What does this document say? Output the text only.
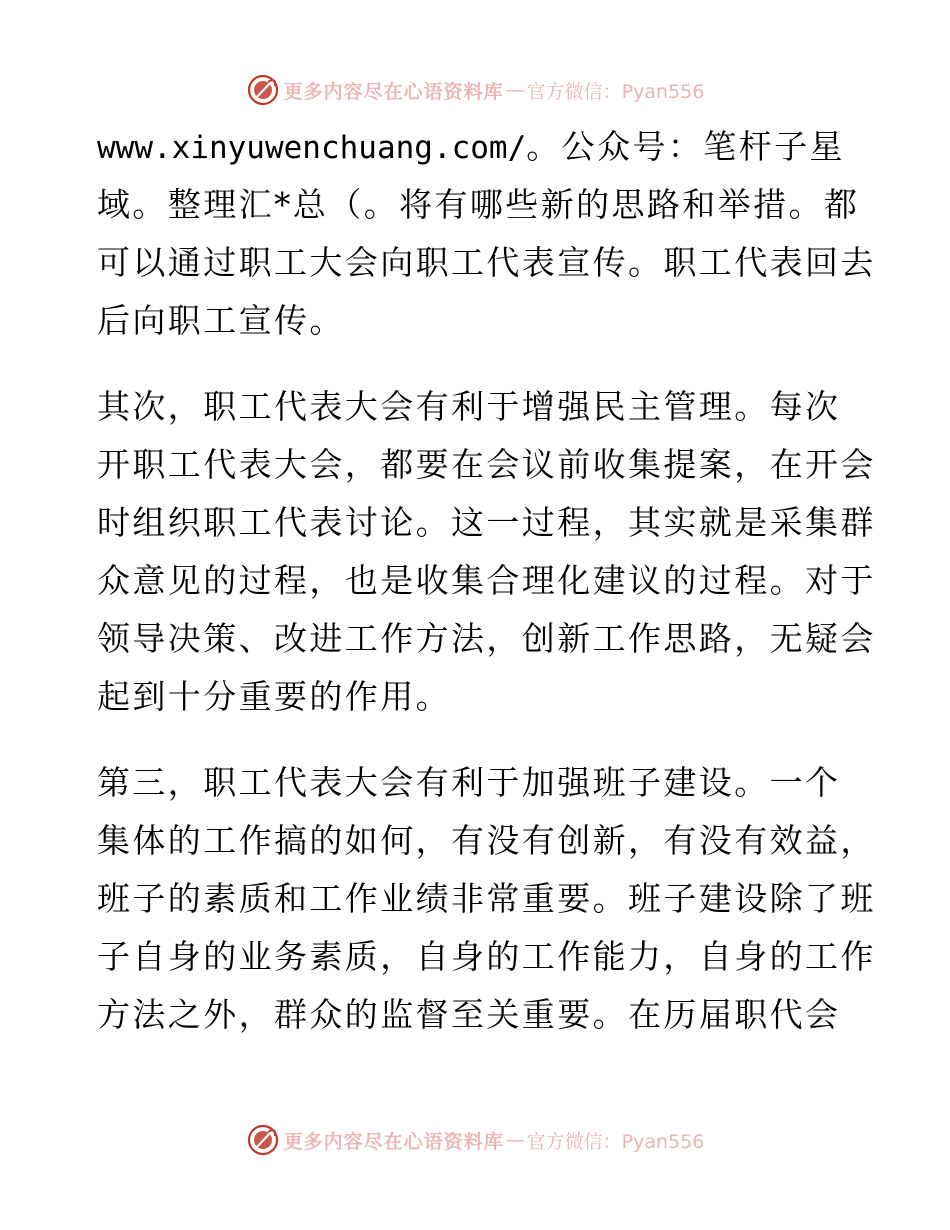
更多内容尽在心语资料库 — 官方微信：Pyan556
www.xinyuwenchuang.com/。公众号：笔杆子星
域。整理汇*总（。将有哪些新的思路和举措。都
可以通过职工大会向职工代表宣传。职工代表回去
后向职工宣传。
其次，职工代表大会有利于增强民主管理。每次
开职工代表大会，都要在会议前收集提案，在开会
时组织职工代表讨论。这一过程，其实就是采集群
众意见的过程，也是收集合理化建议的过程。对于
领导决策、改进工作方法，创新工作思路，无疑会
起到十分重要的作用。
第三，职工代表大会有利于加强班子建设。一个
集体的工作搞的如何，有没有创新，有没有效益，
班子的素质和工作业绩非常重要。班子建设除了班
子自身的业务素质，自身的工作能力，自身的工作
方法之外，群众的监督至关重要。在历届职代会
更多内容尽在心语资料库 — 官方微信：Pyan556
